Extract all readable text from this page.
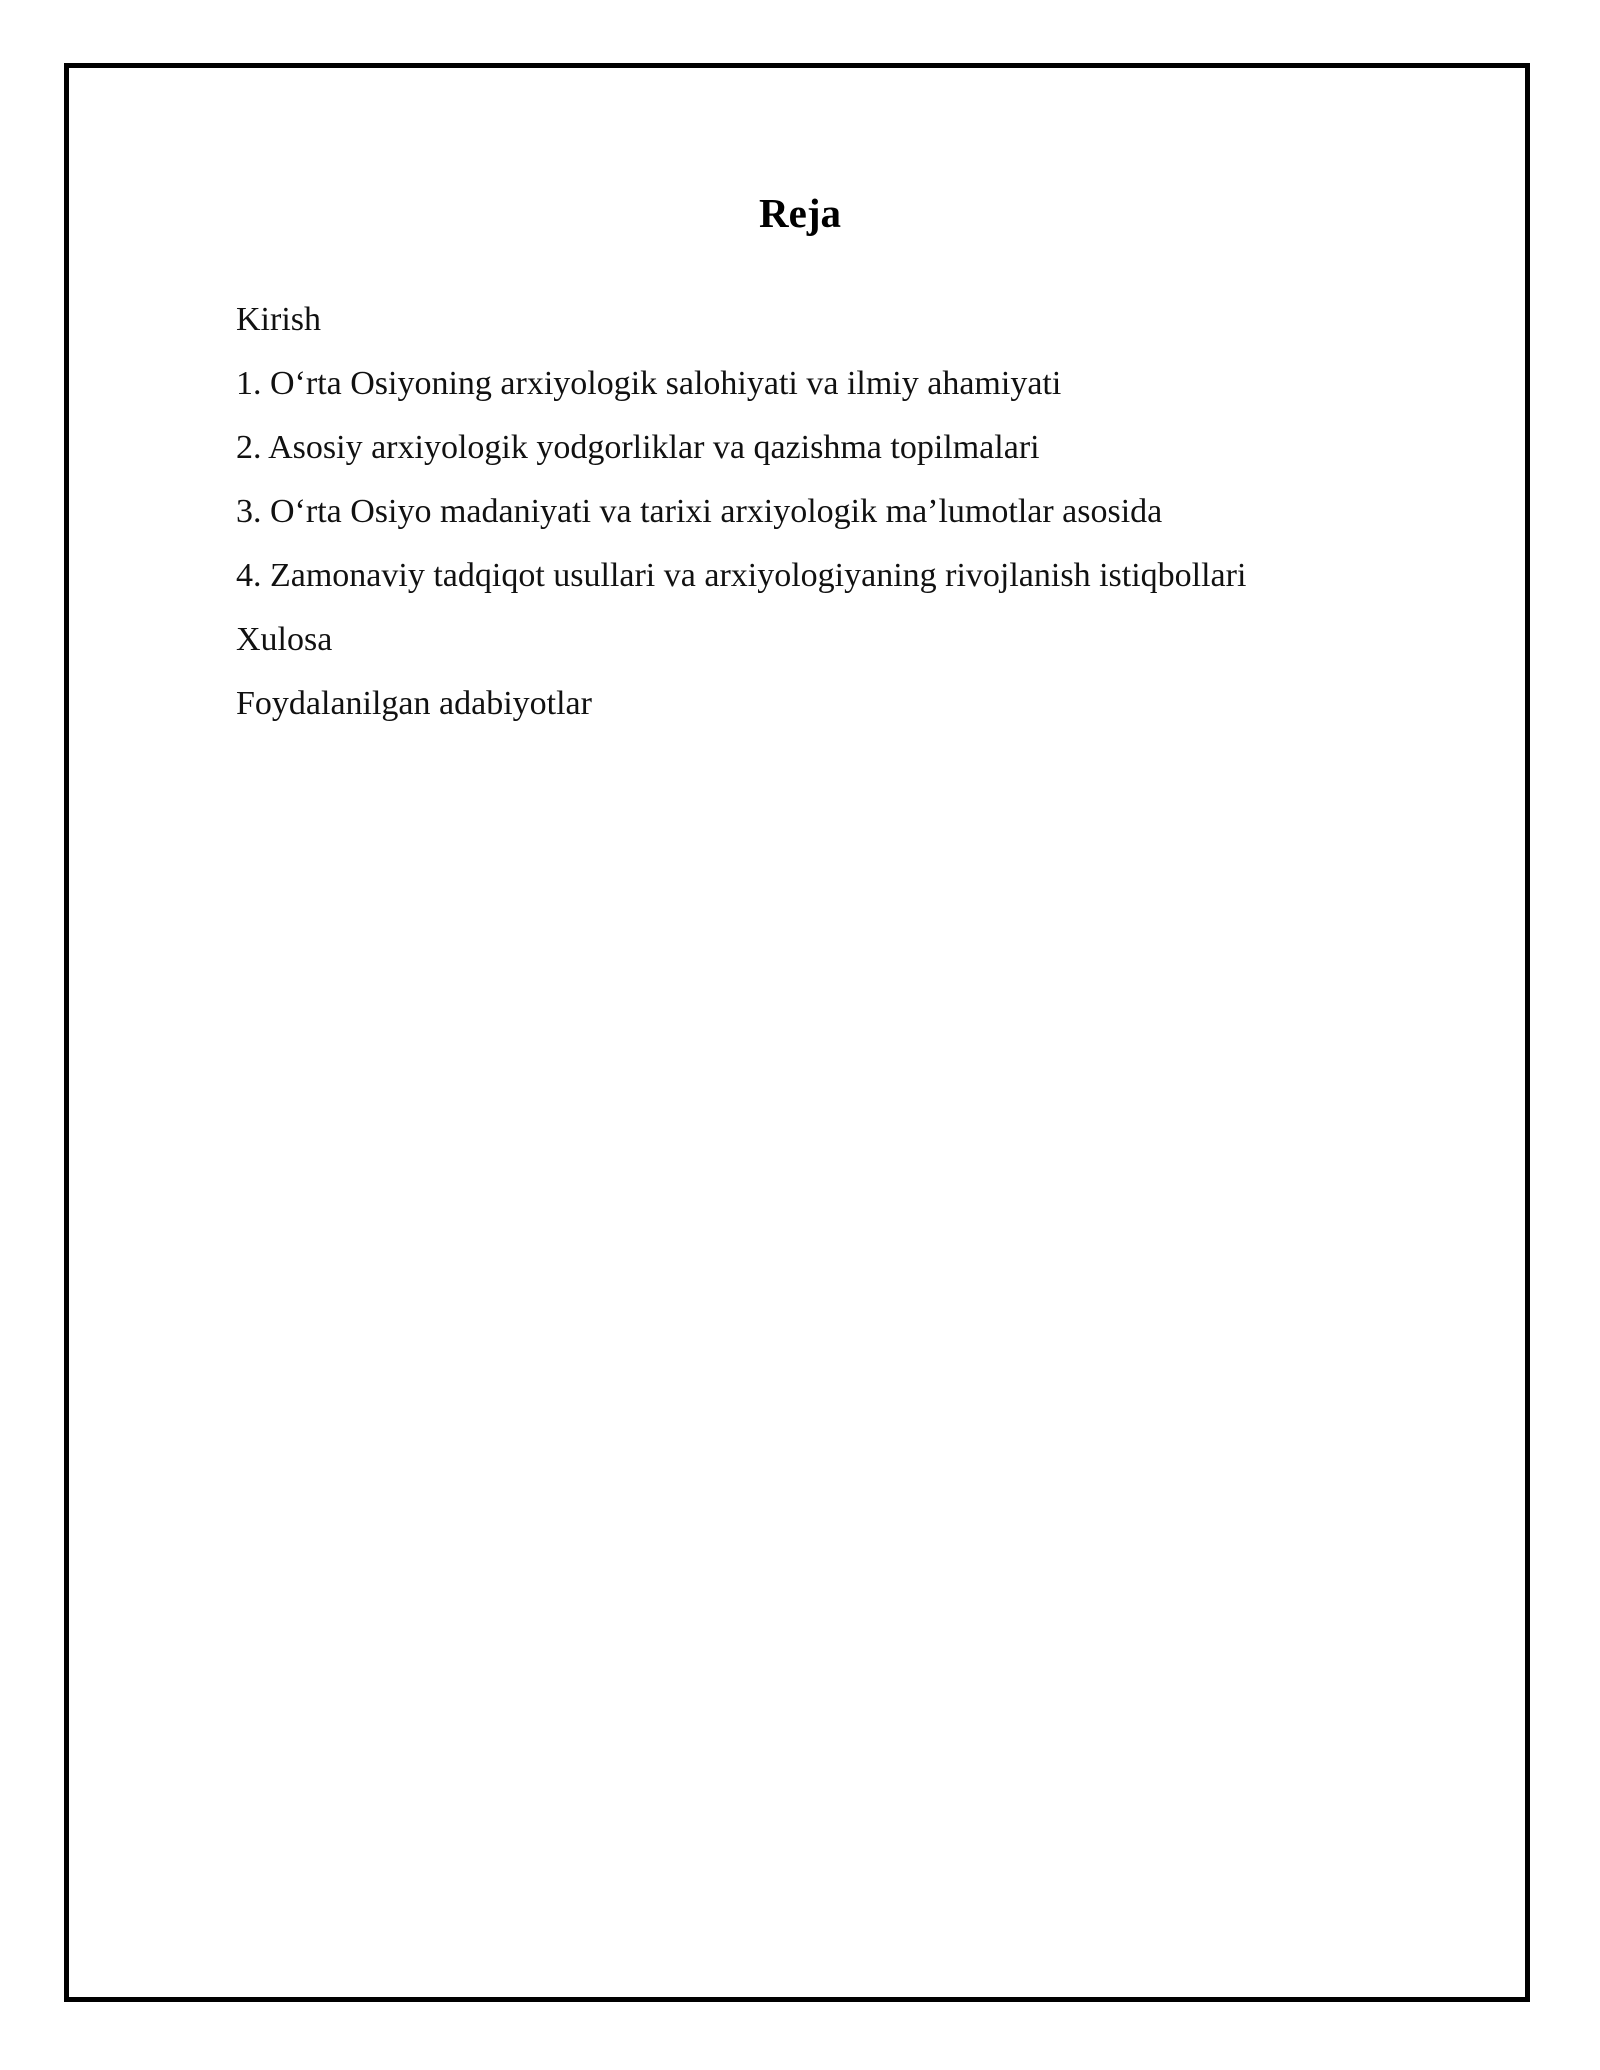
Reja
Kirish
1. O‘rta Osiyoning arxiyologik salohiyati va ilmiy ahamiyati
2. Asosiy arxiyologik yodgorliklar va qazishma topilmalari
3. O‘rta Osiyo madaniyati va tarixi arxiyologik ma’lumotlar asosida
4. Zamonaviy tadqiqot usullari va arxiyologiyaning rivojlanish istiqbollari
Xulosa
Foydalanilgan adabiyotlar
